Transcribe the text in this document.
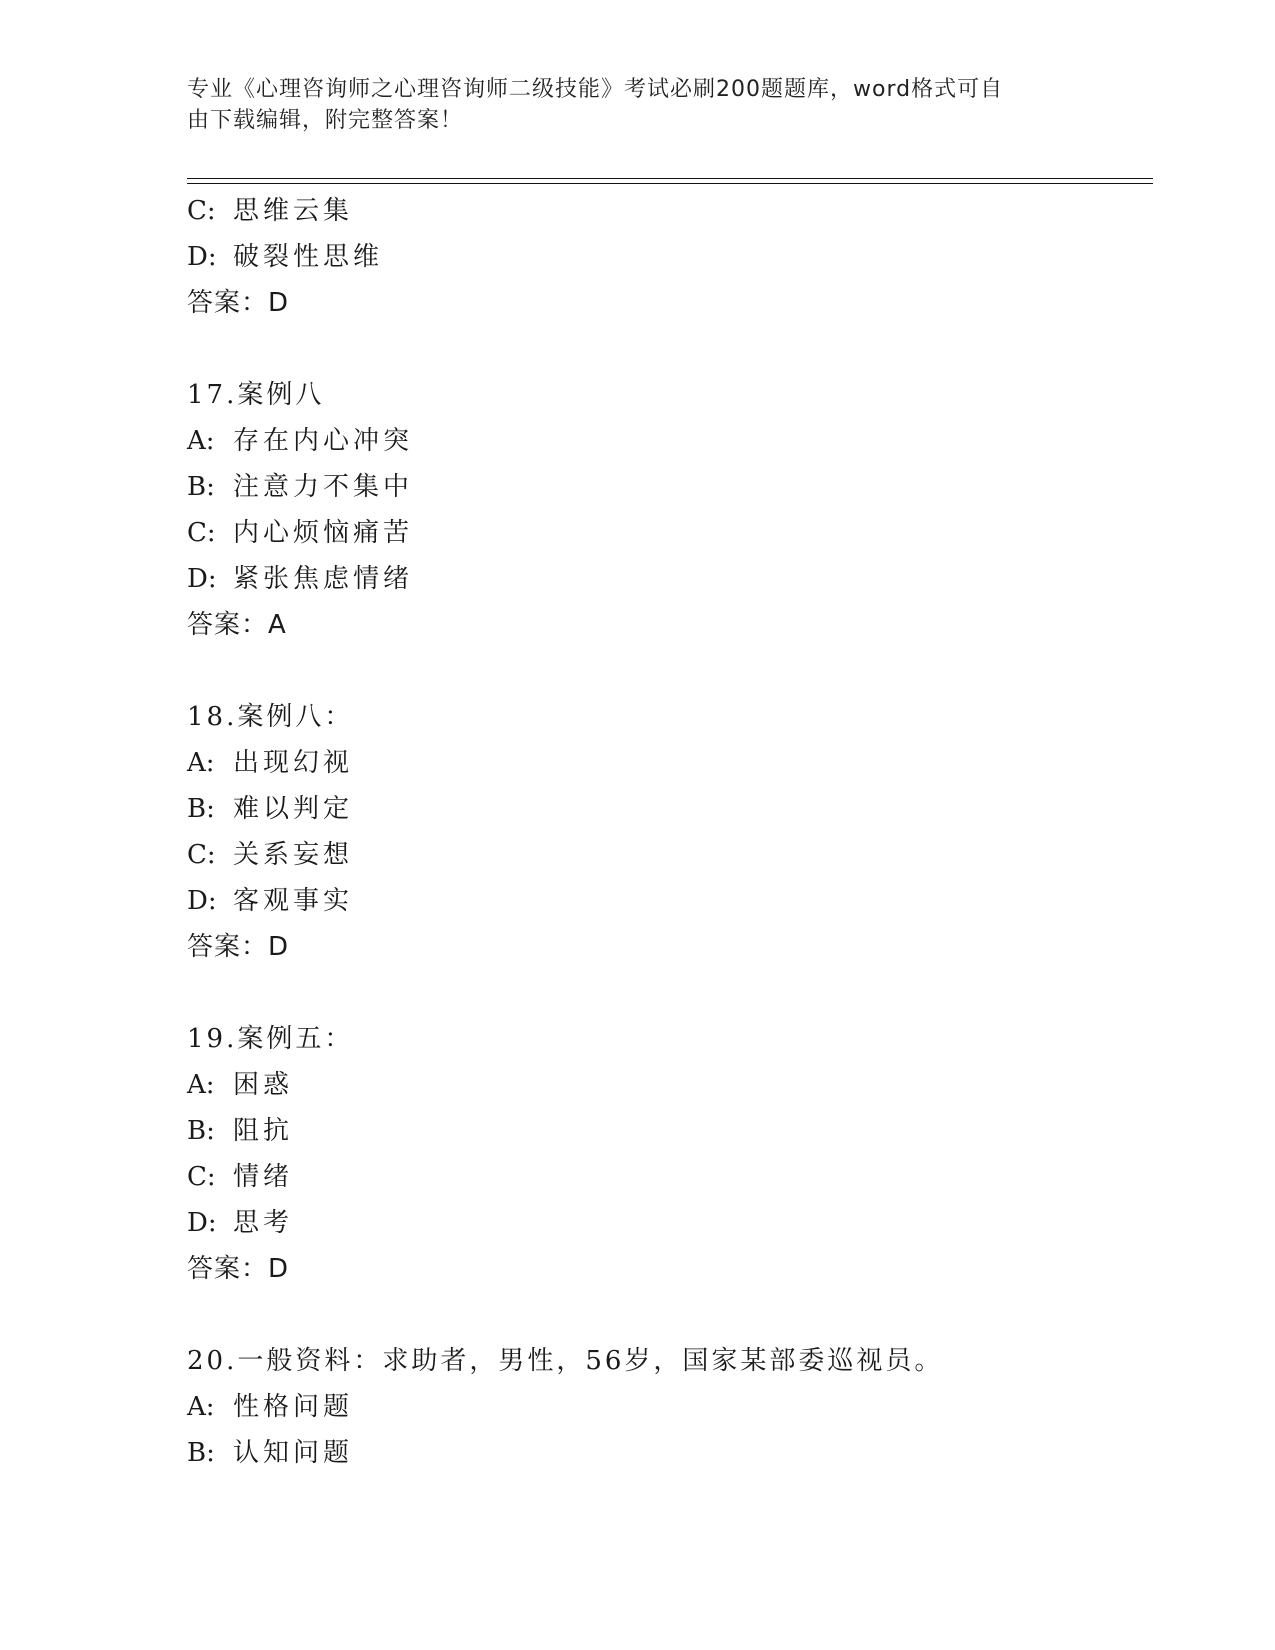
专业《心理咨询师之心理咨询师二级技能》考试必刷200题题库，word格式可自
由下载编辑，附完整答案！
C: 思维云集
D: 破裂性思维
答案：D
17.案例八
A: 存在内心冲突
B: 注意力不集中
C: 内心烦恼痛苦
D: 紧张焦虑情绪
答案：A
18.案例八：
A: 出现幻视
B: 难以判定
C: 关系妄想
D: 客观事实
答案：D
19.案例五：
A: 困惑
B: 阻抗
C: 情绪
D: 思考
答案：D
20.一般资料：求助者，男性，56岁，国家某部委巡视员。
A: 性格问题
B: 认知问题
